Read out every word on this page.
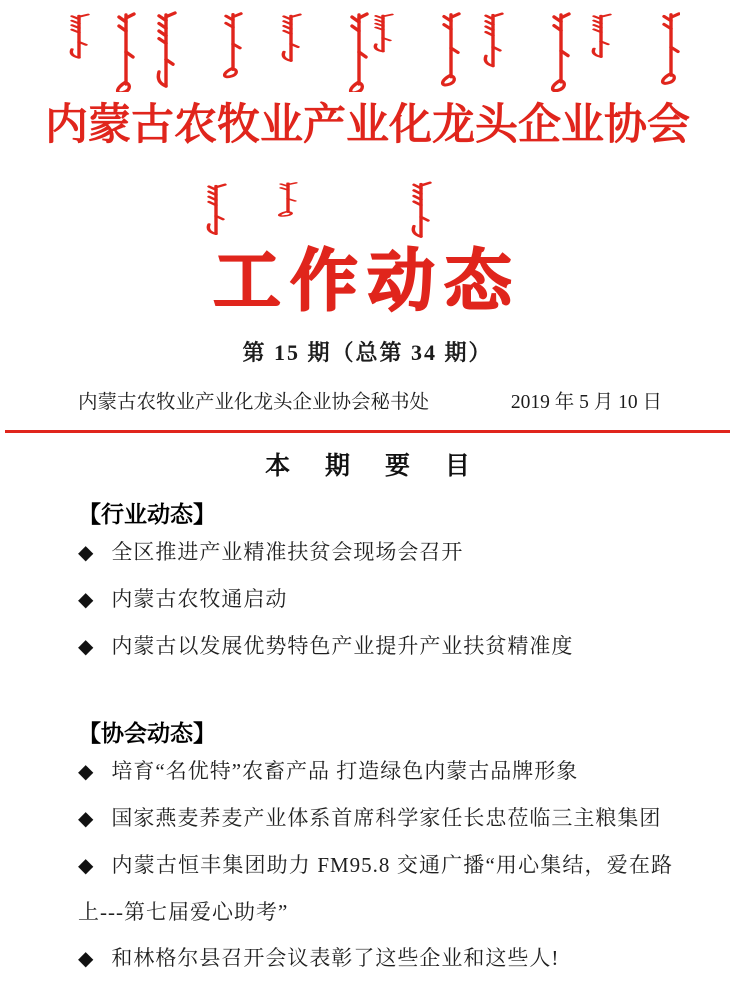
内蒙古农牧业产业化龙头企业协会
工作动态
第 15 期（总第 34 期）
内蒙古农牧业产业化龙头企业协会秘书处	2019 年 5 月 10 日
本 期 要 目
【行业动态】
◆ 全区推进产业精准扶贫会现场会召开
◆ 内蒙古农牧通启动
◆ 内蒙古以发展优势特色产业提升产业扶贫精准度
【协会动态】
◆ 培育“名优特”农畜产品 打造绿色内蒙古品牌形象
◆ 国家燕麦荞麦产业体系首席科学家任长忠莅临三主粮集团
◆ 内蒙古恒丰集团助力 FM95.8 交通广播“用心集结，爱在路上---第七届爱心助考”
◆ 和林格尔县召开会议表彰了这些企业和这些人!
